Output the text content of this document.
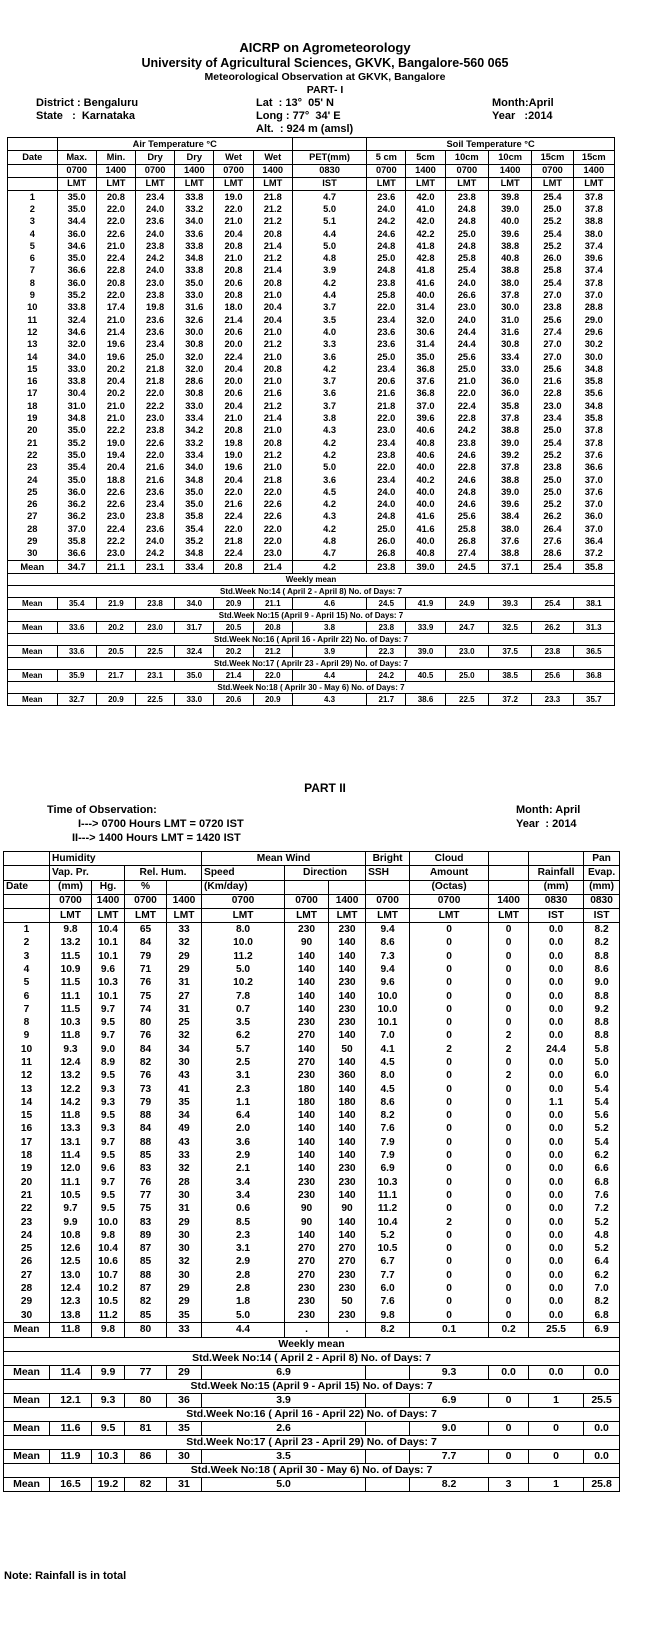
AICRP on Agrometeorology
University of Agricultural Sciences, GKVK, Bangalore-560 065
Meteorological Observation at GKVK, Bangalore
PART- I
District : Bengaluru
State   :  Karnataka
Lat  : 13°  05' N
Long : 77°  34' E
Alt.  : 924 m (amsl)
Month:April
Year   :2014
	Air Temperature °C							Soil Temperature °C					
Date	Max.	Min.	Dry	Dry	Wet	Wet	PET(mm)	5 cm	5cm	10cm	10cm	15cm	15cm
	0700	1400	0700	1400	0700	1400	0830	0700	1400	0700	1400	0700	1400
	LMT	LMT	LMT	LMT	LMT	LMT	IST	LMT	LMT	LMT	LMT	LMT	LMT
1	35.0	20.8	23.4	33.8	19.0	21.8	4.7	23.6	42.0	23.8	39.8	25.4	37.8
2	35.0	22.0	24.0	33.2	22.0	21.2	5.0	24.0	41.0	24.8	39.0	25.0	37.8
3	34.4	22.0	23.6	34.0	21.0	21.2	5.1	24.2	42.0	24.8	40.0	25.2	38.8
4	36.0	22.6	24.0	33.6	20.4	20.8	4.4	24.6	42.2	25.0	39.6	25.4	38.0
5	34.6	21.0	23.8	33.8	20.8	21.4	5.0	24.8	41.8	24.8	38.8	25.2	37.4
6	35.0	22.4	24.2	34.8	21.0	21.2	4.8	25.0	42.8	25.8	40.8	26.0	39.6
7	36.6	22.8	24.0	33.8	20.8	21.4	3.9	24.8	41.8	25.4	38.8	25.8	37.4
8	36.0	20.8	23.0	35.0	20.6	20.8	4.2	23.8	41.6	24.0	38.0	25.4	37.8
9	35.2	22.0	23.8	33.0	20.8	21.0	4.4	25.8	40.0	26.6	37.8	27.0	37.0
10	33.8	17.4	19.8	31.6	18.0	20.4	3.7	22.0	31.4	23.0	30.0	23.8	28.8
11	32.4	21.0	23.6	32.6	21.4	20.4	3.5	23.4	32.0	24.0	31.0	25.6	29.0
12	34.6	21.4	23.6	30.0	20.6	21.0	4.0	23.6	30.6	24.4	31.6	27.4	29.6
13	32.0	19.6	23.4	30.8	20.0	21.2	3.3	23.6	31.4	24.4	30.8	27.0	30.2
14	34.0	19.6	25.0	32.0	22.4	21.0	3.6	25.0	35.0	25.6	33.4	27.0	30.0
15	33.0	20.2	21.8	32.0	20.4	20.8	4.2	23.4	36.8	25.0	33.0	25.6	34.8
16	33.8	20.4	21.8	28.6	20.0	21.0	3.7	20.6	37.6	21.0	36.0	21.6	35.8
17	30.4	20.2	22.0	30.8	20.6	21.6	3.6	21.6	36.8	22.0	36.0	22.8	35.6
18	31.0	21.0	22.2	33.0	20.4	21.2	3.7	21.8	37.0	22.4	35.8	23.0	34.8
19	34.8	21.0	23.0	33.4	21.0	21.4	3.8	22.0	39.6	22.8	37.8	23.4	35.8
20	35.0	22.2	23.8	34.2	20.8	21.0	4.3	23.0	40.6	24.2	38.8	25.0	37.8
21	35.2	19.0	22.6	33.2	19.8	20.8	4.2	23.4	40.8	23.8	39.0	25.4	37.8
22	35.0	19.4	22.0	33.4	19.0	21.2	4.2	23.8	40.6	24.6	39.2	25.2	37.6
23	35.4	20.4	21.6	34.0	19.6	21.0	5.0	22.0	40.0	22.8	37.8	23.8	36.6
24	35.0	18.8	21.6	34.8	20.4	21.8	3.6	23.4	40.2	24.6	38.8	25.0	37.0
25	36.0	22.6	23.6	35.0	22.0	22.0	4.5	24.0	40.0	24.8	39.0	25.0	37.6
26	36.2	22.6	23.4	35.0	21.6	22.6	4.2	24.0	40.0	24.6	39.6	25.2	37.0
27	36.2	23.0	23.8	35.8	22.4	22.6	4.3	24.8	41.6	25.6	38.4	26.2	36.0
28	37.0	22.4	23.6	35.4	22.0	22.0	4.2	25.0	41.6	25.8	38.0	26.4	37.0
29	35.8	22.2	24.0	35.2	21.8	22.0	4.8	26.0	40.0	26.8	37.6	27.6	36.4
30	36.6	23.0	24.2	34.8	22.4	23.0	4.7	26.8	40.8	27.4	38.8	28.6	37.2
Mean	34.7	21.1	23.1	33.4	20.8	21.4	4.2	23.8	39.0	24.5	37.1	25.4	35.8
Weekly mean													
Std.Week No:14 ( April 2 - April 8) No. of Days: 7													
Mean	35.4	21.9	23.8	34.0	20.9	21.1	4.6	24.5	41.9	24.9	39.3	25.4	38.1
Std.Week No:15 (April 9 - April 15) No. of Days: 7													
Mean	33.6	20.2	23.0	31.7	20.5	20.8	3.8	23.8	33.9	24.7	32.5	26.2	31.3
Std.Week No:16 ( April 16 - Aprilr 22) No. of Days: 7													
Mean	33.6	20.5	22.5	32.4	20.2	21.2	3.9	22.3	39.0	23.0	37.5	23.8	36.5
Std.Week No:17 ( Aprilr 23 - April 29) No. of Days: 7													
Mean	35.9	21.7	23.1	35.0	21.4	22.0	4.4	24.2	40.5	25.0	38.5	25.6	36.8
Std.Week No:18 ( Aprilr 30 - May 6) No. of Days: 7													
Mean	32.7	20.9	22.5	33.0	20.6	20.9	4.3	21.7	38.6	22.5	37.2	23.3	35.7
PART II
Time of Observation:
I---> 0700 Hours LMT = 0720 IST
II---> 1400 Hours LMT = 1420 IST
Month: April
Year  : 2014
	Humidity				Mean Wind			Bright	Cloud			Pan	
	Vap. Pr.		Rel. Hum.		Speed	Direction		SSH	Amount		Rainfall	Evap.	
Date	(mm)	Hg.	%		(Km/day)				(Octas)		(mm)	(mm)	
	0700	1400	0700	1400	0700	0700	1400	0700	0700	1400	0830	0830	
	LMT	LMT	LMT	LMT	LMT	LMT	LMT	LMT	LMT	LMT	IST	IST	
1	9.8	10.4	65	33	8.0	230	230	9.4	0	0	0.0	8.2	
2	13.2	10.1	84	32	10.0	90	140	8.6	0	0	0.0	8.2	
3	11.5	10.1	79	29	11.2	140	140	7.3	0	0	0.0	8.8	
4	10.9	9.6	71	29	5.0	140	140	9.4	0	0	0.0	8.6	
5	11.5	10.3	76	31	10.2	140	230	9.6	0	0	0.0	9.0	
6	11.1	10.1	75	27	7.8	140	140	10.0	0	0	0.0	8.8	
7	11.5	9.7	74	31	0.7	140	230	10.0	0	0	0.0	9.2	
8	10.3	9.5	80	25	3.5	230	230	10.1	0	0	0.0	8.8	
9	11.8	9.7	76	32	6.2	270	140	7.0	0	2	0.0	8.8	
10	9.3	9.0	84	34	5.7	140	50	4.1	2	2	24.4	5.8	
11	12.4	8.9	82	30	2.5	270	140	4.5	0	0	0.0	5.0	
12	13.2	9.5	76	43	3.1	230	360	8.0	0	2	0.0	6.0	
13	12.2	9.3	73	41	2.3	180	140	4.5	0	0	0.0	5.4	
14	14.2	9.3	79	35	1.1	180	180	8.6	0	0	1.1	5.4	
15	11.8	9.5	88	34	6.4	140	140	8.2	0	0	0.0	5.6	
16	13.3	9.3	84	49	2.0	140	140	7.6	0	0	0.0	5.2	
17	13.1	9.7	88	43	3.6	140	140	7.9	0	0	0.0	5.4	
18	11.4	9.5	85	33	2.9	140	140	7.9	0	0	0.0	6.2	
19	12.0	9.6	83	32	2.1	140	230	6.9	0	0	0.0	6.6	
20	11.1	9.7	76	28	3.4	230	230	10.3	0	0	0.0	6.8	
21	10.5	9.5	77	30	3.4	230	140	11.1	0	0	0.0	7.6	
22	9.7	9.5	75	31	0.6	90	90	11.2	0	0	0.0	7.2	
23	9.9	10.0	83	29	8.5	90	140	10.4	2	0	0.0	5.2	
24	10.8	9.8	89	30	2.3	140	140	5.2	0	0	0.0	4.8	
25	12.6	10.4	87	30	3.1	270	270	10.5	0	0	0.0	5.2	
26	12.5	10.6	85	32	2.9	270	270	6.7	0	0	0.0	6.4	
27	13.0	10.7	88	30	2.8	270	230	7.7	0	0	0.0	6.2	
28	12.4	10.2	87	29	2.8	230	230	6.0	0	0	0.0	7.0	
29	12.3	10.5	82	29	1.8	230	50	7.6	0	0	0.0	8.2	
30	13.8	11.2	85	35	5.0	230	230	9.8	0	0	0.0	6.8	
Mean	11.8	9.8	80	33	4.4	.	.	8.2	0.1	0.2	25.5	6.9	
Weekly mean													
Std.Week No:14 ( April 2 - April 8) No. of Days: 7													
Mean	11.4	9.9	77	29	6.9				9.3	0.0	0.0	0.0	
Std.Week No:15 (April 9 - April 15) No. of Days: 7													
Mean	12.1	9.3	80	36	3.9				6.9	0	1	25.5	
Std.Week No:16 ( April 16 - April 22) No. of Days: 7													
Mean	11.6	9.5	81	35	2.6				9.0	0	0	0.0	
Std.Week No:17 ( April 23 - April 29) No. of Days: 7													
Mean	11.9	10.3	86	30	3.5				7.7	0	0	0.0	
Std.Week No:18 ( April 30 - May 6) No. of Days: 7													
Mean	16.5	19.2	82	31	5.0				8.2	3	1	25.8	
Note: Rainfall is in total
